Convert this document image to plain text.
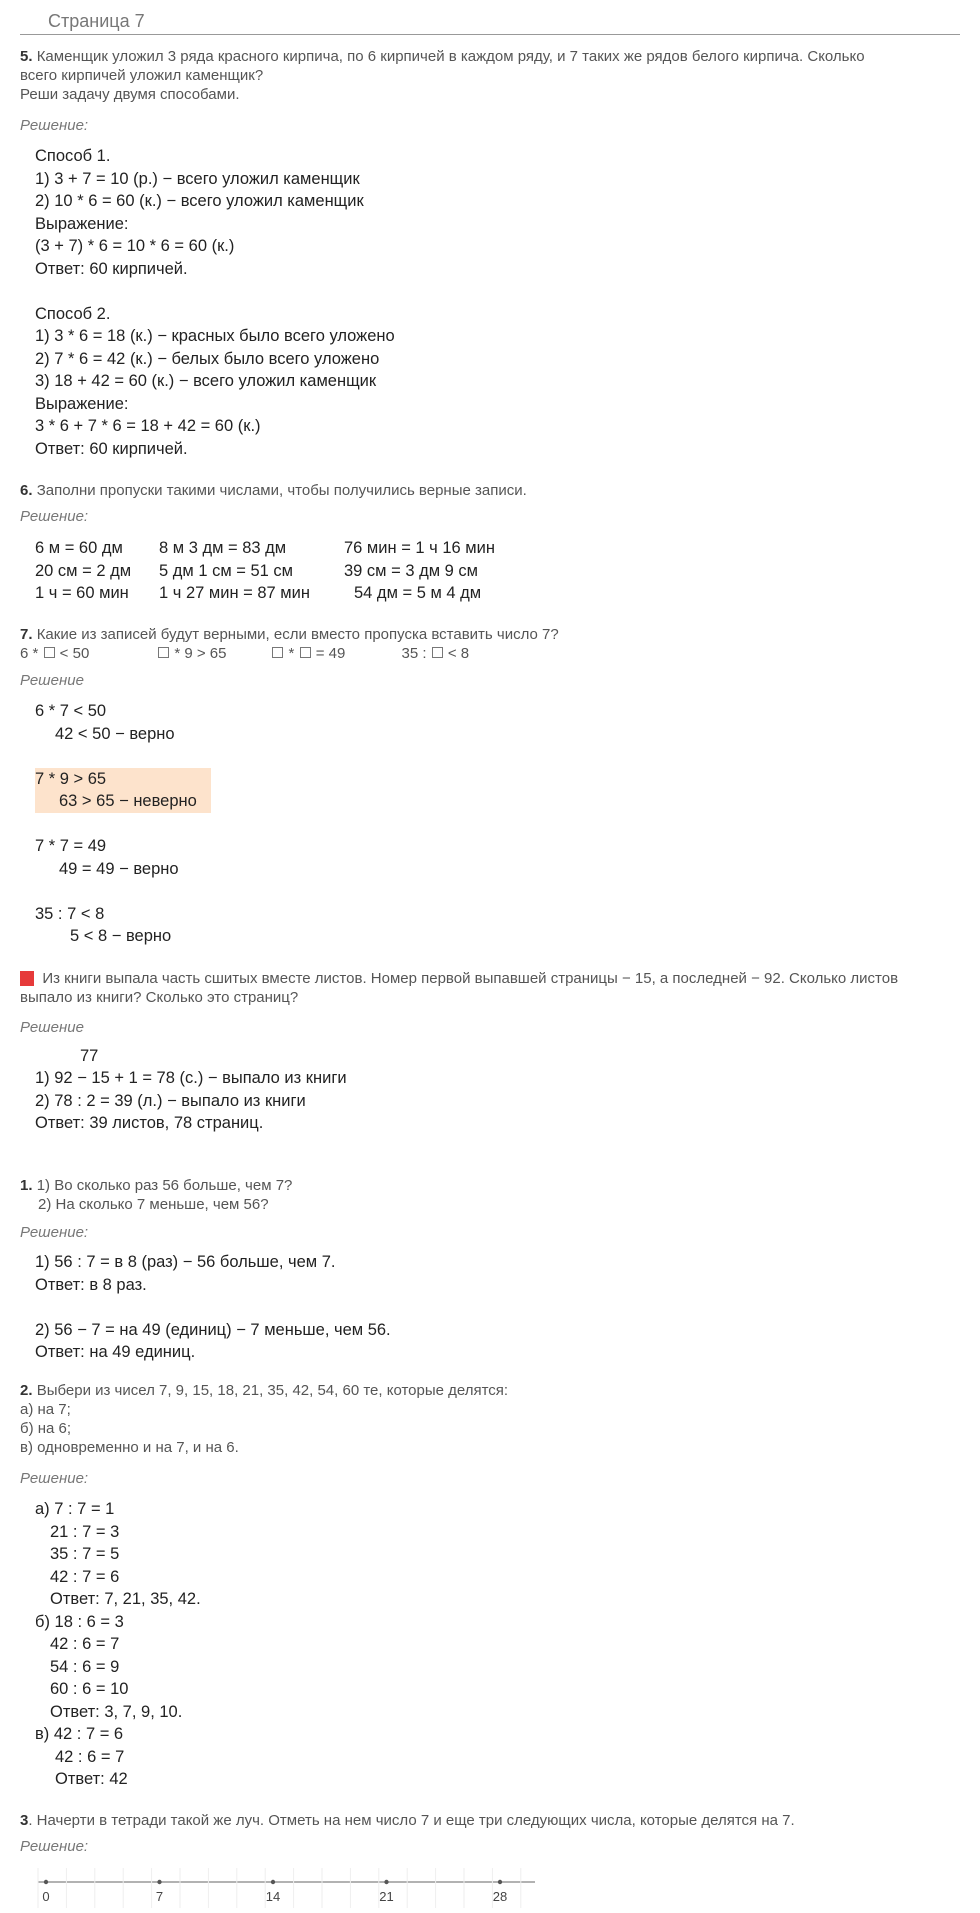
Страница 7
5. Каменщик уложил 3 ряда красного кирпича, по 6 кирпичей в каждом ряду, и 7 таких же рядов белого кирпича. Сколько
всего кирпичей уложил каменщик?
Реши задачу двумя способами.
Решение:
Способ 1.
1) 3 + 7 = 10 (р.) − всего уложил каменщик
2) 10 * 6 = 60 (к.) − всего уложил каменщик
Выражение:
(3 + 7) * 6 = 10 * 6 = 60 (к.)
Ответ: 60 кирпичей.
Способ 2.
1) 3 * 6 = 18 (к.) − красных было всего уложено
2) 7 * 6 = 42 (к.) − белых было всего уложено
3) 18 + 42 = 60 (к.) − всего уложил каменщик
Выражение:
3 * 6 + 7 * 6 = 18 + 42 = 60 (к.)
Ответ: 60 кирпичей.
6. Заполни пропуски такими числами, чтобы получились верные записи.
Решение:
6 м = 60 дм	8 м 3 дм = 83 дм	76 мин = 1 ч 16 мин
20 см = 2 дм	5 дм 1 см = 51 см	39 см = 3 дм 9 см
1 ч = 60 мин	1 ч 27 мин = 87 мин	54 дм = 5 м 4 дм
7. Какие из записей будут верными, если вместо пропуска вставить число 7?
6 *  < 50	* 9 > 65	*  = 49	35 :  < 8
Решение
6 * 7 < 50
42 < 50 − верно
7 * 9 > 65
63 > 65 − неверно
7 * 7 = 49
49 = 49 − верно
35 : 7 < 8
5 < 8 − верно
8. Из книги выпала часть сшитых вместе листов. Номер первой выпавшей страницы − 15, а последней − 92. Сколько листов
выпало из книги? Сколько это страниц?
Решение
77
1) 92 − 15 + 1 = 78 (с.) − выпало из книги
2) 78 : 2 = 39 (л.) − выпало из книги
Ответ: 39 листов, 78 страниц.
1. 1) Во сколько раз 56 больше, чем 7?
2) На сколько 7 меньше, чем 56?
Решение:
1) 56 : 7 = в 8 (раз) − 56 больше, чем 7.
Ответ: в 8 раз.
2) 56 − 7 = на 49 (единиц) − 7 меньше, чем 56.
Ответ: на 49 единиц.
2. Выбери из чисел 7, 9, 15, 18, 21, 35, 42, 54, 60 те, которые делятся:
а) на 7;
б) на 6;
в) одновременно и на 7, и на 6.
Решение:
а) 7 : 7 = 1
21 : 7 = 3
35 : 7 = 5
42 : 7 = 6
Ответ: 7, 21, 35, 42.
б) 18 : 6 = 3
42 : 6 = 7
54 : 6 = 9
60 : 6 = 10
Ответ: 3, 7, 9, 10.
в) 42 : 7 = 6
42 : 6 = 7
Ответ: 42
3. Начерти в тетради такой же луч. Отметь на нем число 7 и еще три следующих числа, которые делятся на 7.
Решение:
0	7	14	21	28
